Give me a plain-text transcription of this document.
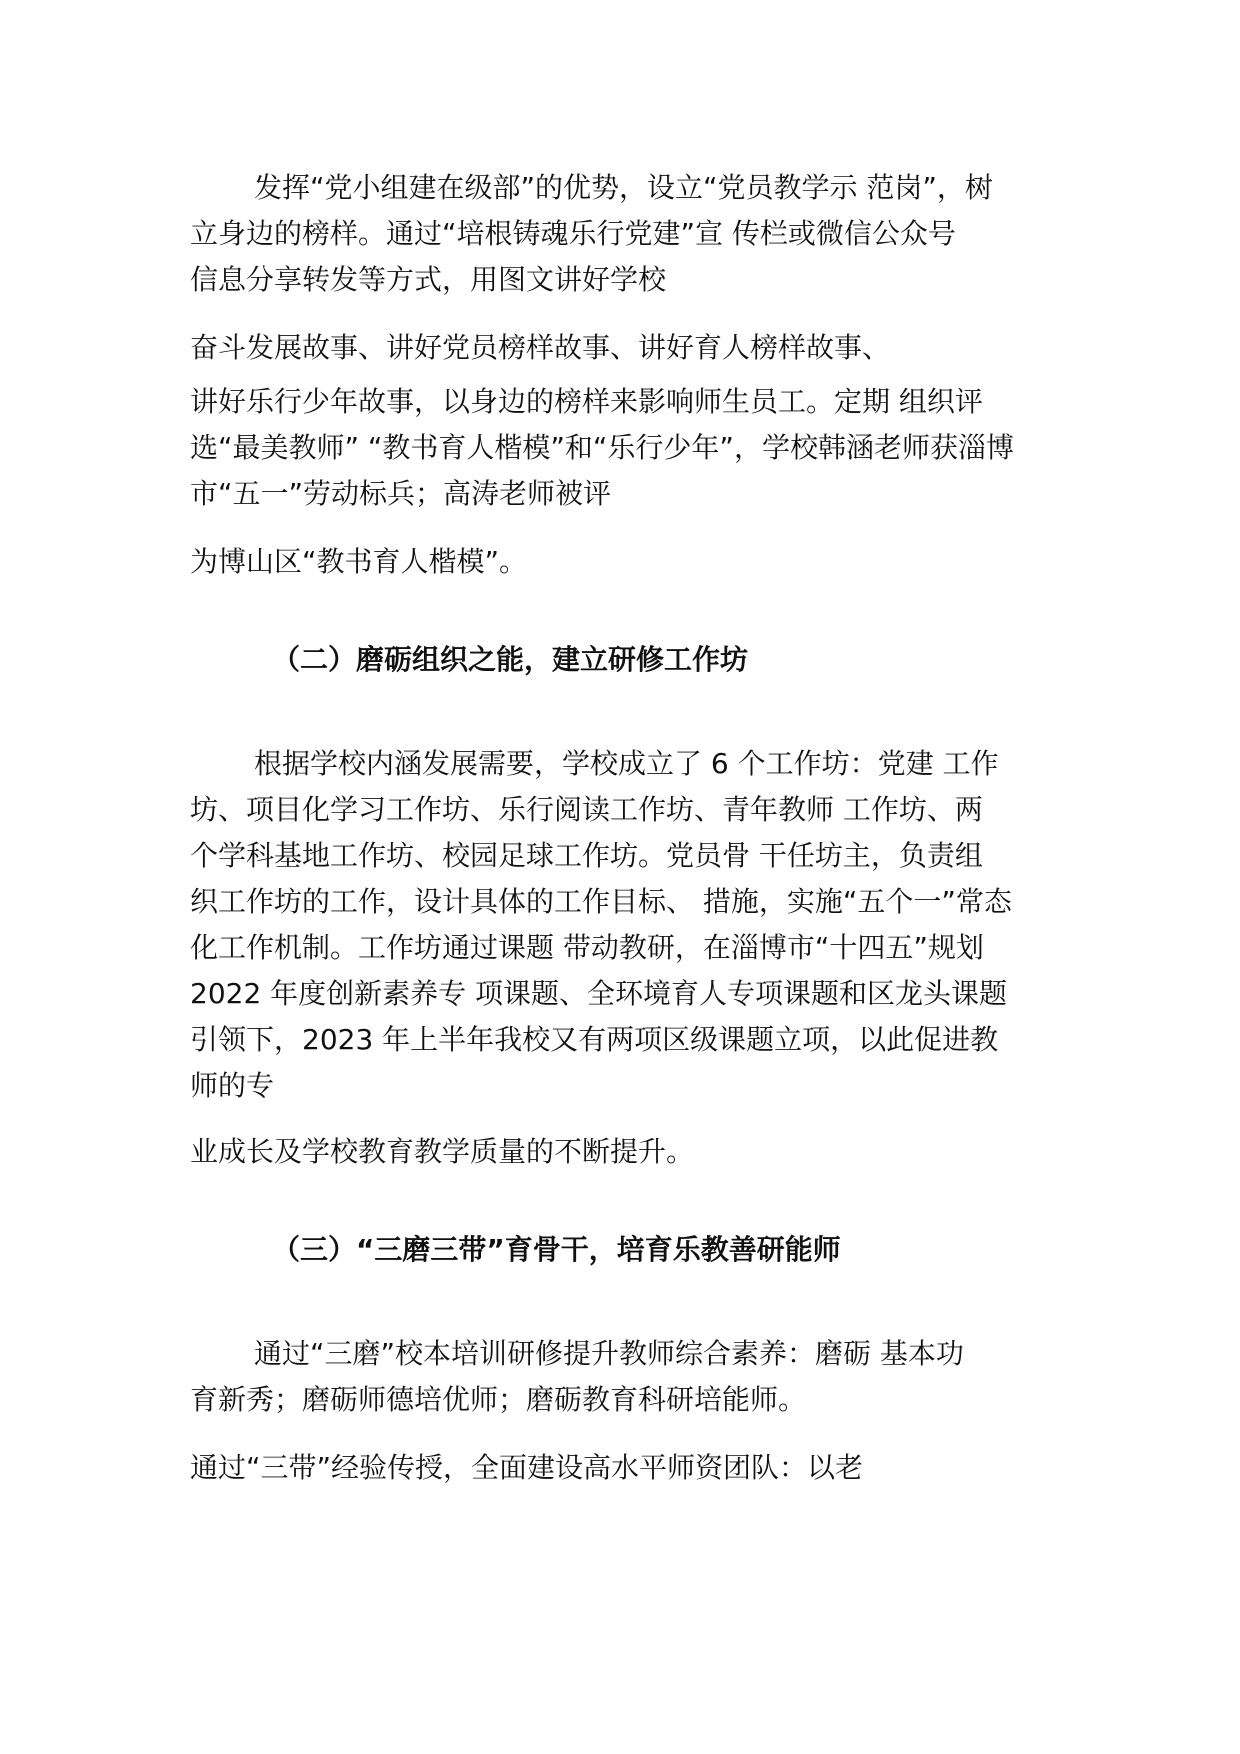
发挥“党小组建在级部”的优势，设立“党员教学示 范岗”，树
立身边的榜样。通过“培根铸魂乐行党建”宣 传栏或微信公众号
信息分享转发等方式，用图文讲好学校
奋斗发展故事、讲好党员榜样故事、讲好育人榜样故事、
讲好乐行少年故事，以身边的榜样来影响师生员工。定期 组织评
选“最美教师” “教书育人楷模”和“乐行少年”，学校韩涵老师获淄博
市“五一”劳动标兵；高涛老师被评
为博山区“教书育人楷模”。
（二）磨砺组织之能，建立研修工作坊
根据学校内涵发展需要，学校成立了 6 个工作坊：党建 工作
坊、项目化学习工作坊、乐行阅读工作坊、青年教师 工作坊、两
个学科基地工作坊、校园足球工作坊。党员骨 干任坊主，负责组
织工作坊的工作，设计具体的工作目标、 措施，实施“五个一”常态
化工作机制。工作坊通过课题 带动教研，在淄博市“十四五”规划
2022 年度创新素养专 项课题、全环境育人专项课题和区龙头课题
引领下，2023 年上半年我校又有两项区级课题立项，以此促进教
师的专
业成长及学校教育教学质量的不断提升。
（三）“三磨三带”育骨干，培育乐教善研能师
通过“三磨”校本培训研修提升教师综合素养：磨砺 基本功
育新秀；磨砺师德培优师；磨砺教育科研培能师。
通过“三带”经验传授，全面建设高水平师资团队：以老
